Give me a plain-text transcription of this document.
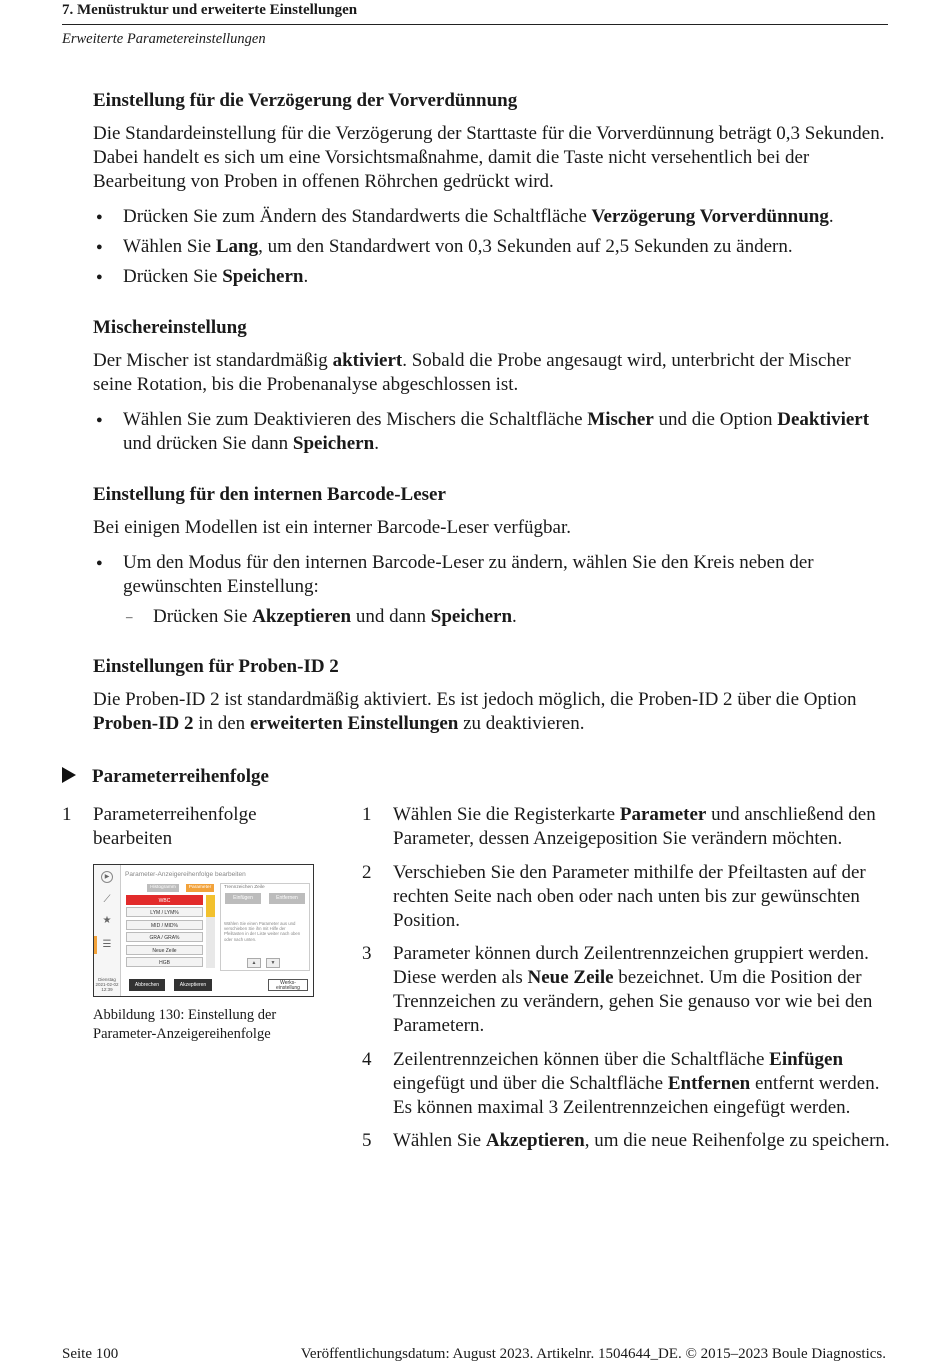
7. Menüstruktur und erweiterte Einstellungen
Erweiterte Parametereinstellungen
Einstellung für die Verzögerung der Vorverdünnung
Die Standardeinstellung für die Verzögerung der Starttaste für die Vorverdünnung beträgt 0,3 Sekunden. Dabei handelt es sich um eine Vorsichtsmaßnahme, damit die Taste nicht versehentlich bei der Bearbeitung von Proben in offenen Röhrchen gedrückt wird.
● Drücken Sie zum Ändern des Standardwerts die Schaltfläche Verzögerung Vorverdünnung.
● Wählen Sie Lang, um den Standardwert von 0,3 Sekunden auf 2,5 Sekunden zu ändern.
● Drücken Sie Speichern.
Mischereinstellung
Der Mischer ist standardmäßig aktiviert. Sobald die Probe angesaugt wird, unterbricht der Mischer seine Rotation, bis die Probenanalyse abgeschlossen ist.
● Wählen Sie zum Deaktivieren des Mischers die Schaltfläche Mischer und die Option Deaktiviert und drücken Sie dann Speichern.
Einstellung für den internen Barcode-Leser
Bei einigen Modellen ist ein interner Barcode-Leser verfügbar.
● Um den Modus für den internen Barcode-Leser zu ändern, wählen Sie den Kreis neben der gewünschten Einstellung:
– Drücken Sie Akzeptieren und dann Speichern.
Einstellungen für Proben-ID 2
Die Proben-ID 2 ist standardmäßig aktiviert. Es ist jedoch möglich, die Proben-ID 2 über die Option Proben-ID 2 in den erweiterten Einstellungen zu deaktivieren.
Parameterreihenfolge
1 Parameterreihenfolge bearbeiten
▶
⟋
★
☰
Dienstag 2021-02-02 12:39
Parameter-Anzeigereihenfolge bearbeiten
Histogramm	Parameter
WBC
LYM / LYM%
MID / MID%
GRA / GRA%
Neue Zeile
HGB
Trennzeichen Zeile
Einfügen	Entfernen
Wählen Sie einen Parameter aus und verschieben Sie ihn mit Hilfe der Pfeiltasten in der Liste weiter nach oben oder nach unten.
▲	▼
Abbrechen	Akzeptieren	Werks-einstellung
Abbildung 130: Einstellung der Parameter-Anzeigereihenfolge
1 Wählen Sie die Registerkarte Parameter und anschließend den Parameter, dessen Anzeigeposition Sie verändern möchten.
2 Verschieben Sie den Parameter mithilfe der Pfeiltasten auf der rechten Seite nach oben oder nach unten bis zur gewünschten Position.
3 Parameter können durch Zeilentrennzeichen gruppiert werden. Diese werden als Neue Zeile bezeichnet. Um die Position der Trennzeichen zu verändern, gehen Sie genauso vor wie bei den Parametern.
4 Zeilentrennzeichen können über die Schaltfläche Einfügen eingefügt und über die Schaltfläche Entfernen entfernt werden. Es können maximal 3 Zeilentrennzeichen eingefügt werden.
5 Wählen Sie Akzeptieren, um die neue Reihenfolge zu speichern.
Seite 100	Veröffentlichungsdatum: August 2023. Artikelnr. 1504644_DE. © 2015–2023 Boule Diagnostics.
